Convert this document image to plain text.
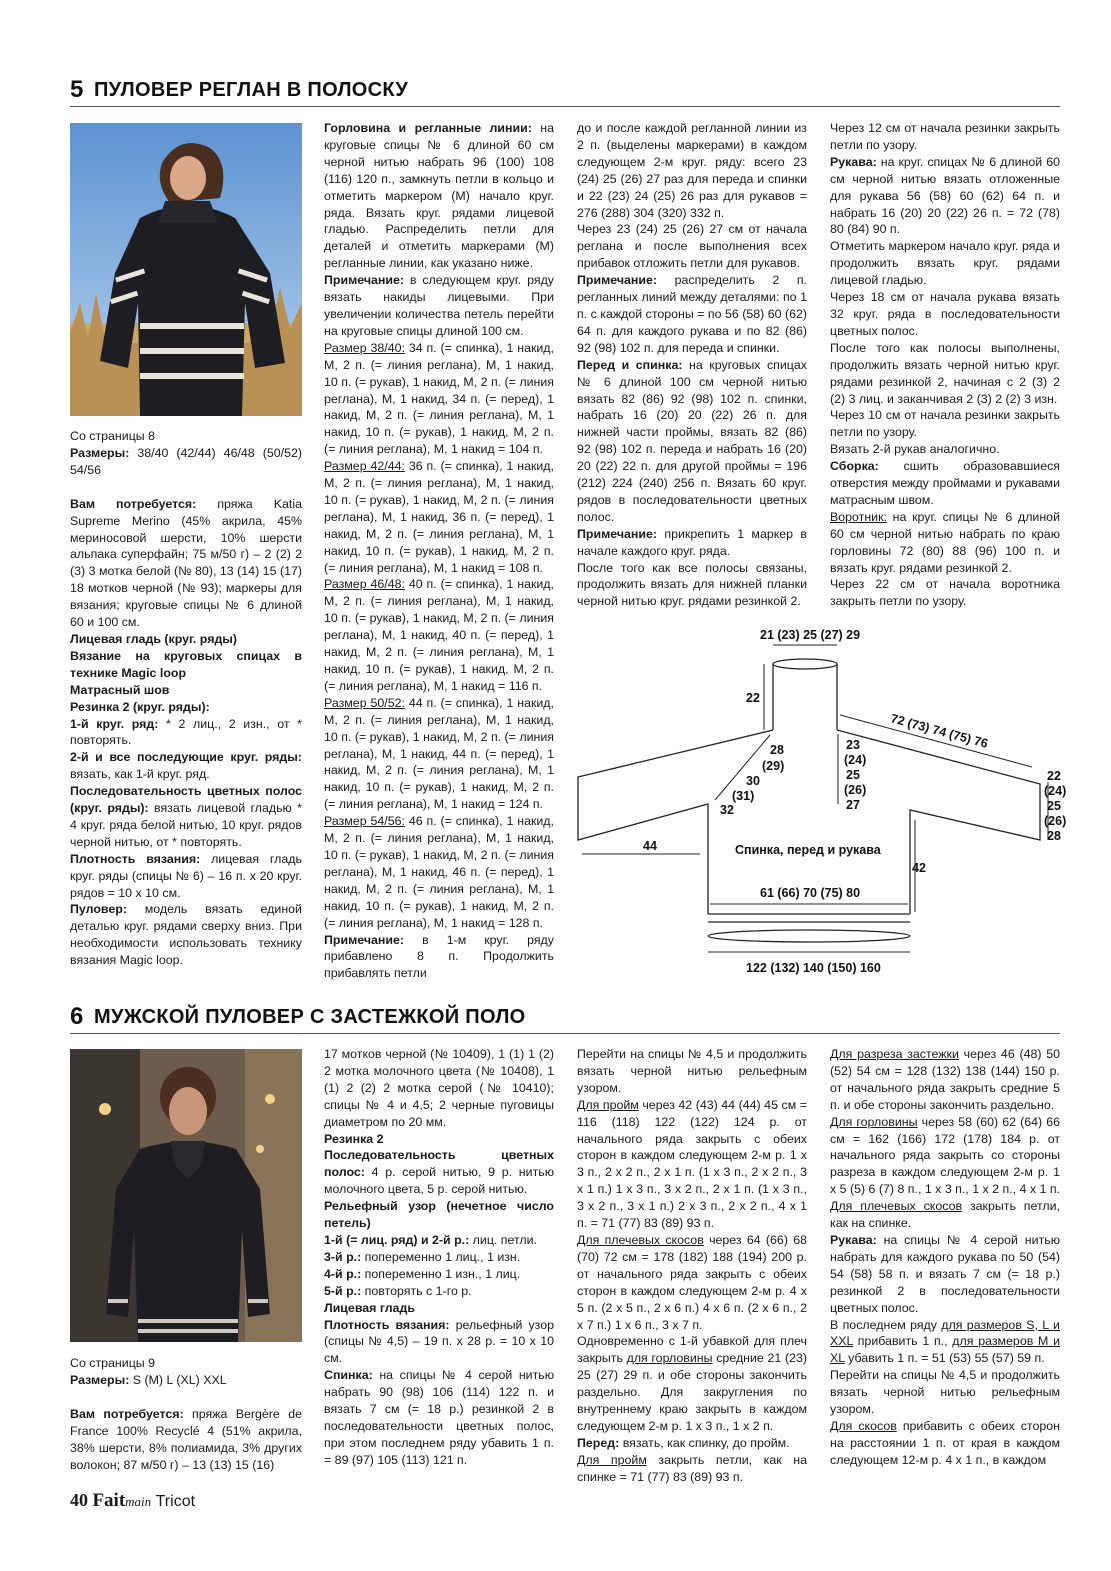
5 ПУЛОВЕР РЕГЛАН В ПОЛОСКУ

Со страницы 8

Размеры: 38/40 (42/44) 46/48 (50/52) 54/56

Вам потребуется: пряжа Katia Supreme Merino (45% акрила, 45% мериносовой шерсти, 10% шерсти альпака суперфайн; 75 м/50 г) – 2 (2) 2 (3) 3 мотка белой (№ 80), 13 (14) 15 (17) 18 мотков черной (№ 93); маркеры для вязания; круговые спицы № 6 длиной 60 и 100 см.

Лицевая гладь (круг. ряды)

Вязание на круговых спицах в технике Magic loop

Матрасный шов

Резинка 2 (круг. ряды):

1-й круг. ряд: * 2 лиц., 2 изн., от * повторять.

2-й и все последующие круг. ряды: вязать, как 1-й круг. ряд.

Последовательность цветных полос (круг. ряды): вязать лицевой гладью * 4 круг. ряда белой нитью, 10 круг. рядов черной нитью, от * повторять.

Плотность вязания: лицевая гладь круг. ряды (спицы № 6) – 16 п. х 20 круг. рядов = 10 х 10 см.

Пуловер: модель вязать единой деталью круг. рядами сверху вниз. При необходимости использовать технику вязания Magic loop.

Горловина и регланные линии: на круговые спицы № 6 длиной 60 см черной нитью набрать 96 (100) 108 (116) 120 п., замкнуть петли в кольцо и отметить маркером (М) начало круг. ряда. Вязать круг. рядами лицевой гладью. Распределить петли для деталей и отметить маркерами (М) регланные линии, как указано ниже.

Примечание: в следующем круг. ряду вязать накиды лицевыми. При увеличении количества петель перейти на круговые спицы длиной 100 см.

Размер 38/40: 34 п. (= спинка), 1 накид, М, 2 п. (= линия реглана), М, 1 накид, 10 п. (= рукав), 1 накид, М, 2 п. (= линия реглана), М, 1 накид, 34 п. (= перед), 1 накид, М, 2 п. (= линия реглана), М, 1 накид, 10 п. (= рукав), 1 накид, М, 2 п. (= линия реглана), М, 1 накид = 104 п.

Размер 42/44: 36 п. (= спинка), 1 накид, М, 2 п. (= линия реглана), М, 1 накид, 10 п. (= рукав), 1 накид, М, 2 п. (= линия реглана), М, 1 накид, 36 п. (= перед), 1 накид, М, 2 п. (= линия реглана), М, 1 накид, 10 п. (= рукав), 1 накид, М, 2 п. (= линия реглана), М, 1 накид = 108 п.

Размер 46/48: 40 п. (= спинка), 1 накид, М, 2 п. (= линия реглана), М, 1 накид, 10 п. (= рукав), 1 накид, М, 2 п. (= линия реглана), М, 1 накид, 40 п. (= перед), 1 накид, М, 2 п. (= линия реглана), М, 1 накид, 10 п. (= рукав), 1 накид, М, 2 п. (= линия реглана), М, 1 накид = 116 п.

Размер 50/52: 44 п. (= спинка), 1 накид, М, 2 п. (= линия реглана), М, 1 накид, 10 п. (= рукав), 1 накид, М, 2 п. (= линия реглана), М, 1 накид, 44 п. (= перед), 1 накид, М, 2 п. (= линия реглана), М, 1 накид, 10 п. (= рукав), 1 накид, М, 2 п. (= линия реглана), М, 1 накид = 124 п.

Размер 54/56: 46 п. (= спинка), 1 накид, М, 2 п. (= линия реглана), М, 1 накид, 10 п. (= рукав), 1 накид, М, 2 п. (= линия реглана), М, 1 накид, 46 п. (= перед), 1 накид, М, 2 п. (= линия реглана), М, 1 накид, 10 п. (= рукав), 1 накид, М, 2 п. (= линия реглана), М, 1 накид = 128 п.

Примечание: в 1-м круг. ряду прибавлено 8 п. Продолжить прибавлять петли

до и после каждой регланной линии из 2 п. (выделены маркерами) в каждом следующем 2-м круг. ряду: всего 23 (24) 25 (26) 27 раз для переда и спинки и 22 (23) 24 (25) 26 раз для рукавов = 276 (288) 304 (320) 332 п.

Через 23 (24) 25 (26) 27 см от начала реглана и после выполнения всех прибавок отложить петли для рукавов.

Примечание: распределить 2 п. регланных линий между деталями: по 1 п. с каждой стороны = по 56 (58) 60 (62) 64 п. для каждого рукава и по 82 (86) 92 (98) 102 п. для переда и спинки.

Перед и спинка: на круговых спицах № 6 длиной 100 см черной нитью вязать 82 (86) 92 (98) 102 п. спинки, набрать 16 (20) 20 (22) 26 п. для нижней части проймы, вязать 82 (86) 92 (98) 102 п. переда и набрать 16 (20) 20 (22) 22 п. для другой проймы = 196 (212) 224 (240) 256 п. Вязать 60 круг. рядов в последовательности цветных полос.

Примечание: прикрепить 1 маркер в начале каждого круг. ряда.

После того как все полосы связаны, продолжить вязать для нижней планки черной нитью круг. рядами резинкой 2.

Через 12 см от начала резинки закрыть петли по узору.

Рукава: на круг. спицах № 6 длиной 60 см черной нитью вязать отложенные для рукава 56 (58) 60 (62) 64 п. и набрать 16 (20) 20 (22) 26 п. = 72 (78) 80 (84) 90 п.

Отметить маркером начало круг. ряда и продолжить вязать круг. рядами лицевой гладью.

Через 18 см от начала рукава вязать 32 круг. ряда в последовательности цветных полос.

После того как полосы выполнены, продолжить вязать черной нитью круг. рядами резинкой 2, начиная с 2 (3) 2 (2) 3 лиц. и заканчивая 2 (3) 2 (2) 3 изн.

Через 10 см от начала резинки закрыть петли по узору.

Вязать 2-й рукав аналогично.

Сборка: сшить образовавшиеся отверстия между проймами и рукавами матрасным швом.

Воротник: на круг. спицы № 6 длиной 60 см черной нитью набрать по краю горловины 72 (80) 88 (96) 100 п. и вязать круг. рядами резинкой 2.

Через 22 см от начала воротника закрыть петли по узору.

21 (23) 25 (27) 29
22
72 (73) 74 (75) 76
28
(29)
30
(31)
32
23
(24)
25
(26)
27
22
(24)
25
(26)
28
44	Спинка, перед и рукава
42
61 (66) 70 (75) 80
122 (132) 140 (150) 160
6 МУЖСКОЙ ПУЛОВЕР С ЗАСТЕЖКОЙ ПОЛО

Со страницы 9

Размеры: S (M) L (XL) XXL

Вам потребуется: пряжа Bergère de France 100% Recyclé 4 (51% акрила, 38% шерсти, 8% полиамида, 3% других волокон; 87 м/50 г) – 13 (13) 15 (16)

17 мотков черной (№ 10409), 1 (1) 1 (2) 2 мотка молочного цвета (№ 10408), 1 (1) 2 (2) 2 мотка серой (№ 10410); спицы № 4 и 4,5; 2 черные пуговицы диаметром по 20 мм.

Резинка 2

Последовательность цветных полос: 4 р. серой нитью, 9 р. нитью молочного цвета, 5 р. серой нитью.

Рельефный узор (нечетное число петель)

1-й (= лиц. ряд) и 2-й р.: лиц. петли.

3-й р.: попеременно 1 лиц., 1 изн.

4-й р.: попеременно 1 изн., 1 лиц.

5-й р.: повторять с 1-го р.

Лицевая гладь

Плотность вязания: рельефный узор (спицы № 4,5) – 19 п. х 28 р. = 10 х 10 см.

Спинка: на спицы № 4 серой нитью набрать 90 (98) 106 (114) 122 п. и вязать 7 см (= 18 р.) резинкой 2 в последовательности цветных полос, при этом последнем ряду убавить 1 п. = 89 (97) 105 (113) 121 п.

Перейти на спицы № 4,5 и продолжить вязать черной нитью рельефным узором.

Для пройм через 42 (43) 44 (44) 45 см = 116 (118) 122 (122) 124 р. от начального ряда закрыть с обеих сторон в каждом следующем 2-м р. 1 х 3 п., 2 х 2 п., 2 х 1 п. (1 х 3 п., 2 х 2 п., 3 х 1 п.) 1 х 3 п., 3 х 2 п., 2 х 1 п. (1 х 3 п., 3 х 2 п., 3 х 1 п.) 2 х 3 п., 2 х 2 п., 4 х 1 п. = 71 (77) 83 (89) 93 п.

Для плечевых скосов через 64 (66) 68 (70) 72 см = 178 (182) 188 (194) 200 р. от начального ряда закрыть с обеих сторон в каждом следующем 2-м р. 4 х 5 п. (2 х 5 п., 2 х 6 п.) 4 х 6 п. (2 х 6 п., 2 х 7 п.) 1 х 6 п., 3 х 7 п.

Одновременно с 1-й убавкой для плеч закрыть для горловины средние 21 (23) 25 (27) 29 п. и обе стороны закончить раздельно. Для закругления по внутреннему краю закрыть в каждом следующем 2-м р. 1 х 3 п., 1 х 2 п.

Перед: вязать, как спинку, до пройм.

Для пройм закрыть петли, как на спинке = 71 (77) 83 (89) 93 п.

Для разреза застежки через 46 (48) 50 (52) 54 см = 128 (132) 138 (144) 150 р. от начального ряда закрыть средние 5 п. и обе стороны закончить раздельно.

Для горловины через 58 (60) 62 (64) 66 см = 162 (166) 172 (178) 184 р. от начального ряда закрыть со стороны разреза в каждом следующем 2-м р. 1 х 5 (5) 6 (7) 8 п., 1 х 3 п., 1 х 2 п., 4 х 1 п.

Для плечевых скосов закрыть петли, как на спинке.

Рукава: на спицы № 4 серой нитью набрать для каждого рукава по 50 (54) 54 (58) 58 п. и вязать 7 см (= 18 р.) резинкой 2 в последовательности цветных полос.

В последнем ряду для размеров S, L и XXL прибавить 1 п., для размеров M и XL убавить 1 п. = 51 (53) 55 (57) 59 п.

Перейти на спицы № 4,5 и продолжить вязать черной нитью рельефным узором.

Для скосов прибавить с обеих сторон на расстоянии 1 п. от края в каждом следующем 12-м р. 4 х 1 п., в каждом

40 Faitmain Tricot
